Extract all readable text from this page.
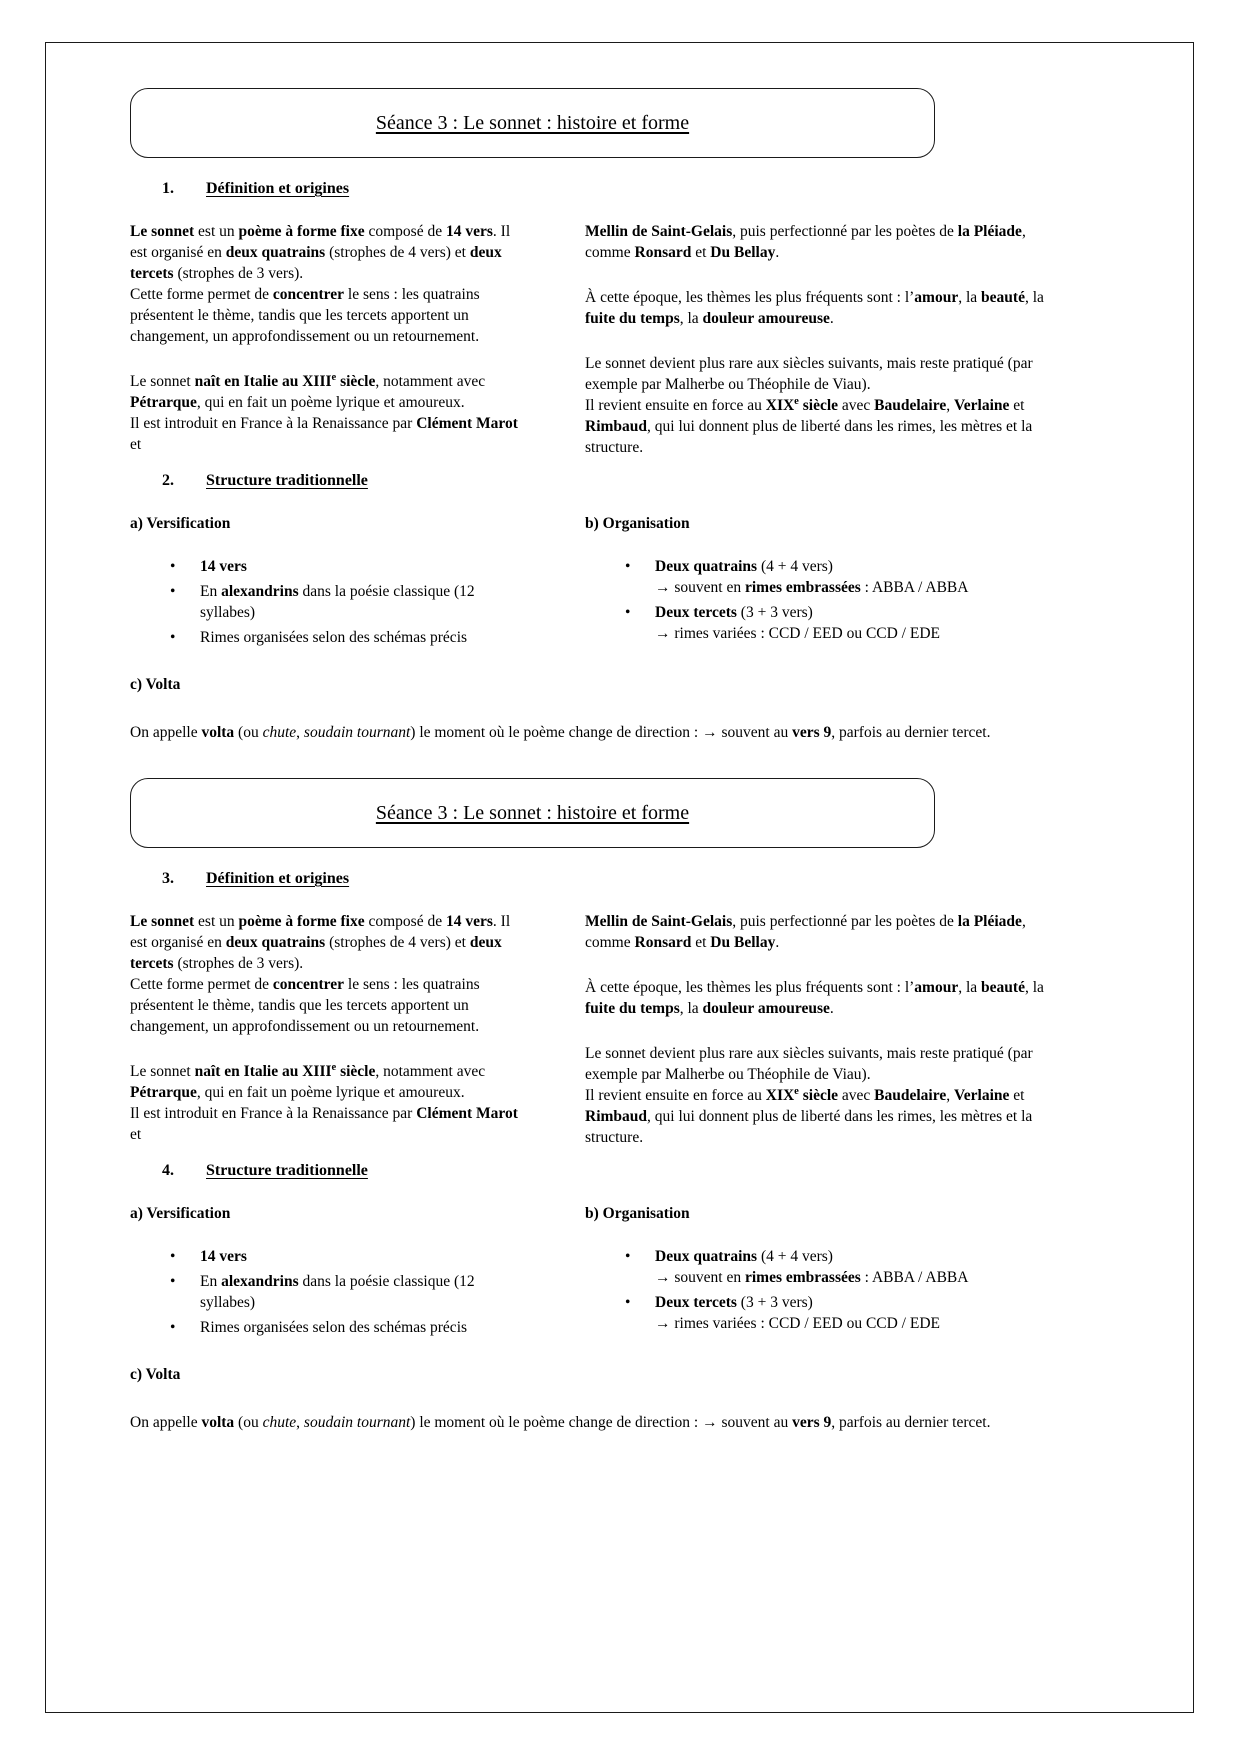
Séance 3 : Le sonnet : histoire et forme
1. Définition et origines

Le sonnet est un poème à forme fixe composé de 14 vers. Il est organisé en deux quatrains (strophes de 4 vers) et deux tercets (strophes de 3 vers).
Cette forme permet de concentrer le sens : les quatrains présentent le thème, tandis que les tercets apportent un changement, un approfondissement ou un retournement.

Le sonnet naît en Italie au XIIIe siècle, notamment avec Pétrarque, qui en fait un poème lyrique et amoureux.
Il est introduit en France à la Renaissance par Clément Marot et

Mellin de Saint-Gelais, puis perfectionné par les poètes de la Pléiade, comme Ronsard et Du Bellay.

À cette époque, les thèmes les plus fréquents sont : l’amour, la beauté, la fuite du temps, la douleur amoureuse.

Le sonnet devient plus rare aux siècles suivants, mais reste pratiqué (par exemple par Malherbe ou Théophile de Viau).
Il revient ensuite en force au XIXe siècle avec Baudelaire, Verlaine et Rimbaud, qui lui donnent plus de liberté dans les rimes, les mètres et la structure.

2. Structure traditionnelle

a) Versification

• 14 vers
• En alexandrins dans la poésie classique (12 syllabes)
• Rimes organisées selon des schémas précis

b) Organisation

• Deux quatrains (4 + 4 vers)
→ souvent en rimes embrassées : ABBA / ABBA
• Deux tercets (3 + 3 vers)
→ rimes variées : CCD / EED ou CCD / EDE

c) Volta

On appelle volta (ou chute, soudain tournant) le moment où le poème change de direction : → souvent au vers 9, parfois au dernier tercet.

Séance 3 : Le sonnet : histoire et forme
3. Définition et origines

Le sonnet est un poème à forme fixe composé de 14 vers. Il est organisé en deux quatrains (strophes de 4 vers) et deux tercets (strophes de 3 vers).
Cette forme permet de concentrer le sens : les quatrains présentent le thème, tandis que les tercets apportent un changement, un approfondissement ou un retournement.

Le sonnet naît en Italie au XIIIe siècle, notamment avec Pétrarque, qui en fait un poème lyrique et amoureux.
Il est introduit en France à la Renaissance par Clément Marot et

Mellin de Saint-Gelais, puis perfectionné par les poètes de la Pléiade, comme Ronsard et Du Bellay.

À cette époque, les thèmes les plus fréquents sont : l’amour, la beauté, la fuite du temps, la douleur amoureuse.

Le sonnet devient plus rare aux siècles suivants, mais reste pratiqué (par exemple par Malherbe ou Théophile de Viau).
Il revient ensuite en force au XIXe siècle avec Baudelaire, Verlaine et Rimbaud, qui lui donnent plus de liberté dans les rimes, les mètres et la structure.

4. Structure traditionnelle

a) Versification

• 14 vers
• En alexandrins dans la poésie classique (12 syllabes)
• Rimes organisées selon des schémas précis

b) Organisation

• Deux quatrains (4 + 4 vers)
→ souvent en rimes embrassées : ABBA / ABBA
• Deux tercets (3 + 3 vers)
→ rimes variées : CCD / EED ou CCD / EDE

c) Volta

On appelle volta (ou chute, soudain tournant) le moment où le poème change de direction : → souvent au vers 9, parfois au dernier tercet.
